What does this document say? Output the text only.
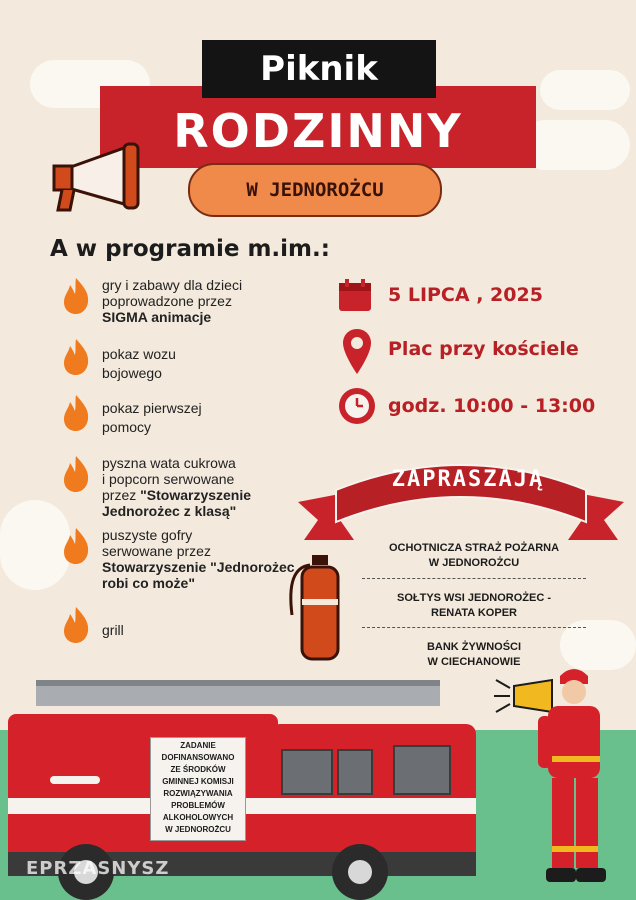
RODZINNY
Piknik
W JEDNOROŻCU
A w programie m.im.:
gry i zabawy dla dzieci
poprowadzone przez
SIGMA animacje
pokaz wozu
bojowego
pokaz pierwszej
pomocy
pyszna wata cukrowa
i popcorn serwowane
przez "Stowarzyszenie Jednorożec z klasą"
puszyste gofry
serwowane przez
Stowarzyszenie "Jednorożec robi co może"
grill
5 LIPCA , 2025
Plac przy kościele
godz. 10:00 - 13:00
ZAPRASZAJĄ
OCHOTNICZA STRAŻ POŻARNA
W JEDNOROŻCU
SOŁTYS WSI JEDNOROŻEC -
RENATA KOPER
BANK ŻYWNOŚCI
W CIECHANOWIE
ZADANIE
DOFINANSOWANO
ZE ŚRODKÓW
GMINNEJ KOMISJI
ROZWIĄZYWANIA
PROBLEMÓW
ALKOHOLOWYCH
W JEDNOROŻCU
EPRZASNYSZ
